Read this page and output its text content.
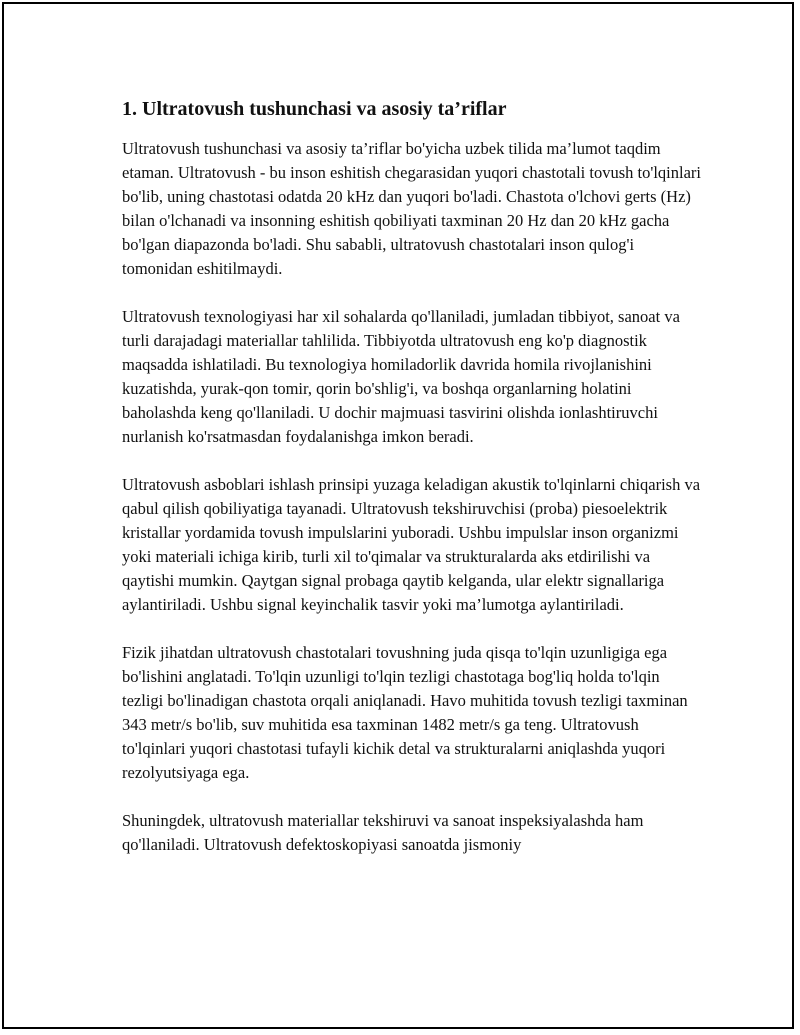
1. Ultratovush tushunchasi va asosiy ta’riflar

Ultratovush tushunchasi va asosiy ta’riflar bo'yicha uzbek tilida ma’lumot taqdim etaman. Ultratovush - bu inson eshitish chegarasidan yuqori chastotali tovush to'lqinlari bo'lib, uning chastotasi odatda 20 kHz dan yuqori bo'ladi. Chastota o'lchovi gerts (Hz) bilan o'lchanadi va insonning eshitish qobiliyati taxminan 20 Hz dan 20 kHz gacha bo'lgan diapazonda bo'ladi. Shu sababli, ultratovush chastotalari inson qulog'i tomonidan eshitilmaydi.

Ultratovush texnologiyasi har xil sohalarda qo'llaniladi, jumladan tibbiyot, sanoat va turli darajadagi materiallar tahlilida. Tibbiyotda ultratovush eng ko'p diagnostik maqsadda ishlatiladi. Bu texnologiya homiladorlik davrida homila rivojlanishini kuzatishda, yurak-qon tomir, qorin bo'shlig'i, va boshqa organlarning holatini baholashda keng qo'llaniladi. U dochir majmuasi tasvirini olishda ionlashtiruvchi nurlanish ko'rsatmasdan foydalanishga imkon beradi.

Ultratovush asboblari ishlash prinsipi yuzaga keladigan akustik to'lqinlarni chiqarish va qabul qilish qobiliyatiga tayanadi. Ultratovush tekshiruvchisi (proba) piesoelektrik kristallar yordamida tovush impulslarini yuboradi. Ushbu impulslar inson organizmi yoki materiali ichiga kirib, turli xil to'qimalar va strukturalarda aks etdirilishi va qaytishi mumkin. Qaytgan signal probaga qaytib kelganda, ular elektr signallariga aylantiriladi. Ushbu signal keyinchalik tasvir yoki ma’lumotga aylantiriladi.

Fizik jihatdan ultratovush chastotalari tovushning juda qisqa to'lqin uzunligiga ega bo'lishini anglatadi. To'lqin uzunligi to'lqin tezligi chastotaga bog'liq holda to'lqin tezligi bo'linadigan chastota orqali aniqlanadi. Havo muhitida tovush tezligi taxminan 343 metr/s bo'lib, suv muhitida esa taxminan 1482 metr/s ga teng. Ultratovush to'lqinlari yuqori chastotasi tufayli kichik detal va strukturalarni aniqlashda yuqori rezolyutsiyaga ega.

Shuningdek, ultratovush materiallar tekshiruvi va sanoat inspeksiyalashda ham qo'llaniladi. Ultratovush defektoskopiyasi sanoatda jismoniy
